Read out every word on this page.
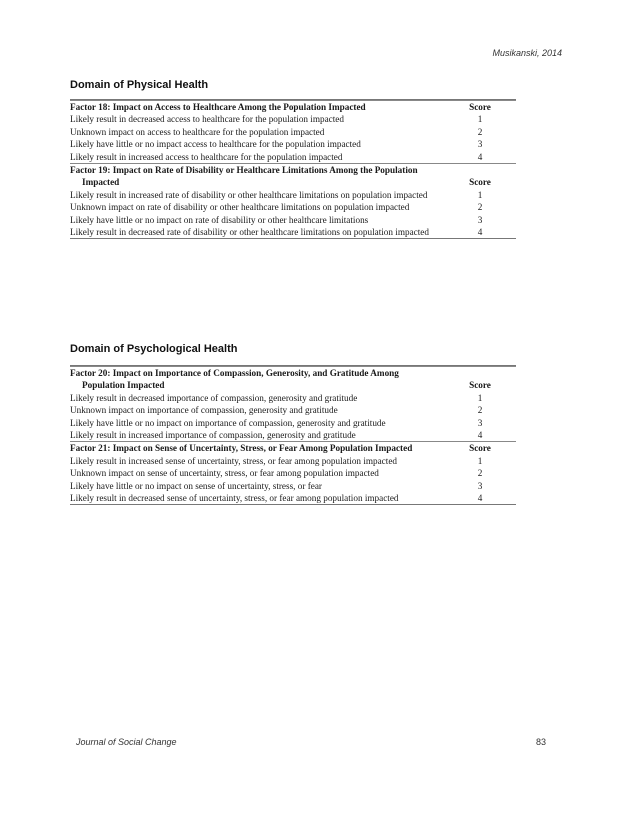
Musikanski, 2014
Domain of Physical Health
Factor 18: Impact on Access to Healthcare Among the Population Impacted	Score
Likely result in decreased access to healthcare for the population impacted	1
Unknown impact on access to healthcare for the population impacted	2
Likely have little or no impact access to healthcare for the population impacted	3
Likely result in increased access to healthcare for the population impacted	4
Factor 19: Impact on Rate of Disability or Healthcare Limitations Among the Population Impacted	Score
Likely result in increased rate of disability or other healthcare limitations on population impacted	1
Unknown impact on rate of disability or other healthcare limitations on population impacted	2
Likely have little or no impact on rate of disability or other healthcare limitations	3
Likely result in decreased rate of disability or other healthcare limitations on population impacted	4
Domain of Psychological Health
Factor 20: Impact on Importance of Compassion, Generosity, and Gratitude Among Population Impacted	Score
Likely result in decreased importance of compassion, generosity and gratitude	1
Unknown impact on importance of compassion, generosity and gratitude	2
Likely have little or no impact on importance of compassion, generosity and gratitude	3
Likely result in increased importance of compassion, generosity and gratitude	4
Factor 21: Impact on Sense of Uncertainty, Stress, or Fear Among Population Impacted	Score
Likely result in increased sense of uncertainty, stress, or fear among population impacted	1
Unknown impact on sense of uncertainty, stress, or fear among population impacted	2
Likely have little or no impact on sense of uncertainty, stress, or fear	3
Likely result in decreased sense of uncertainty, stress, or fear among population impacted	4
Journal of Social Change	83
